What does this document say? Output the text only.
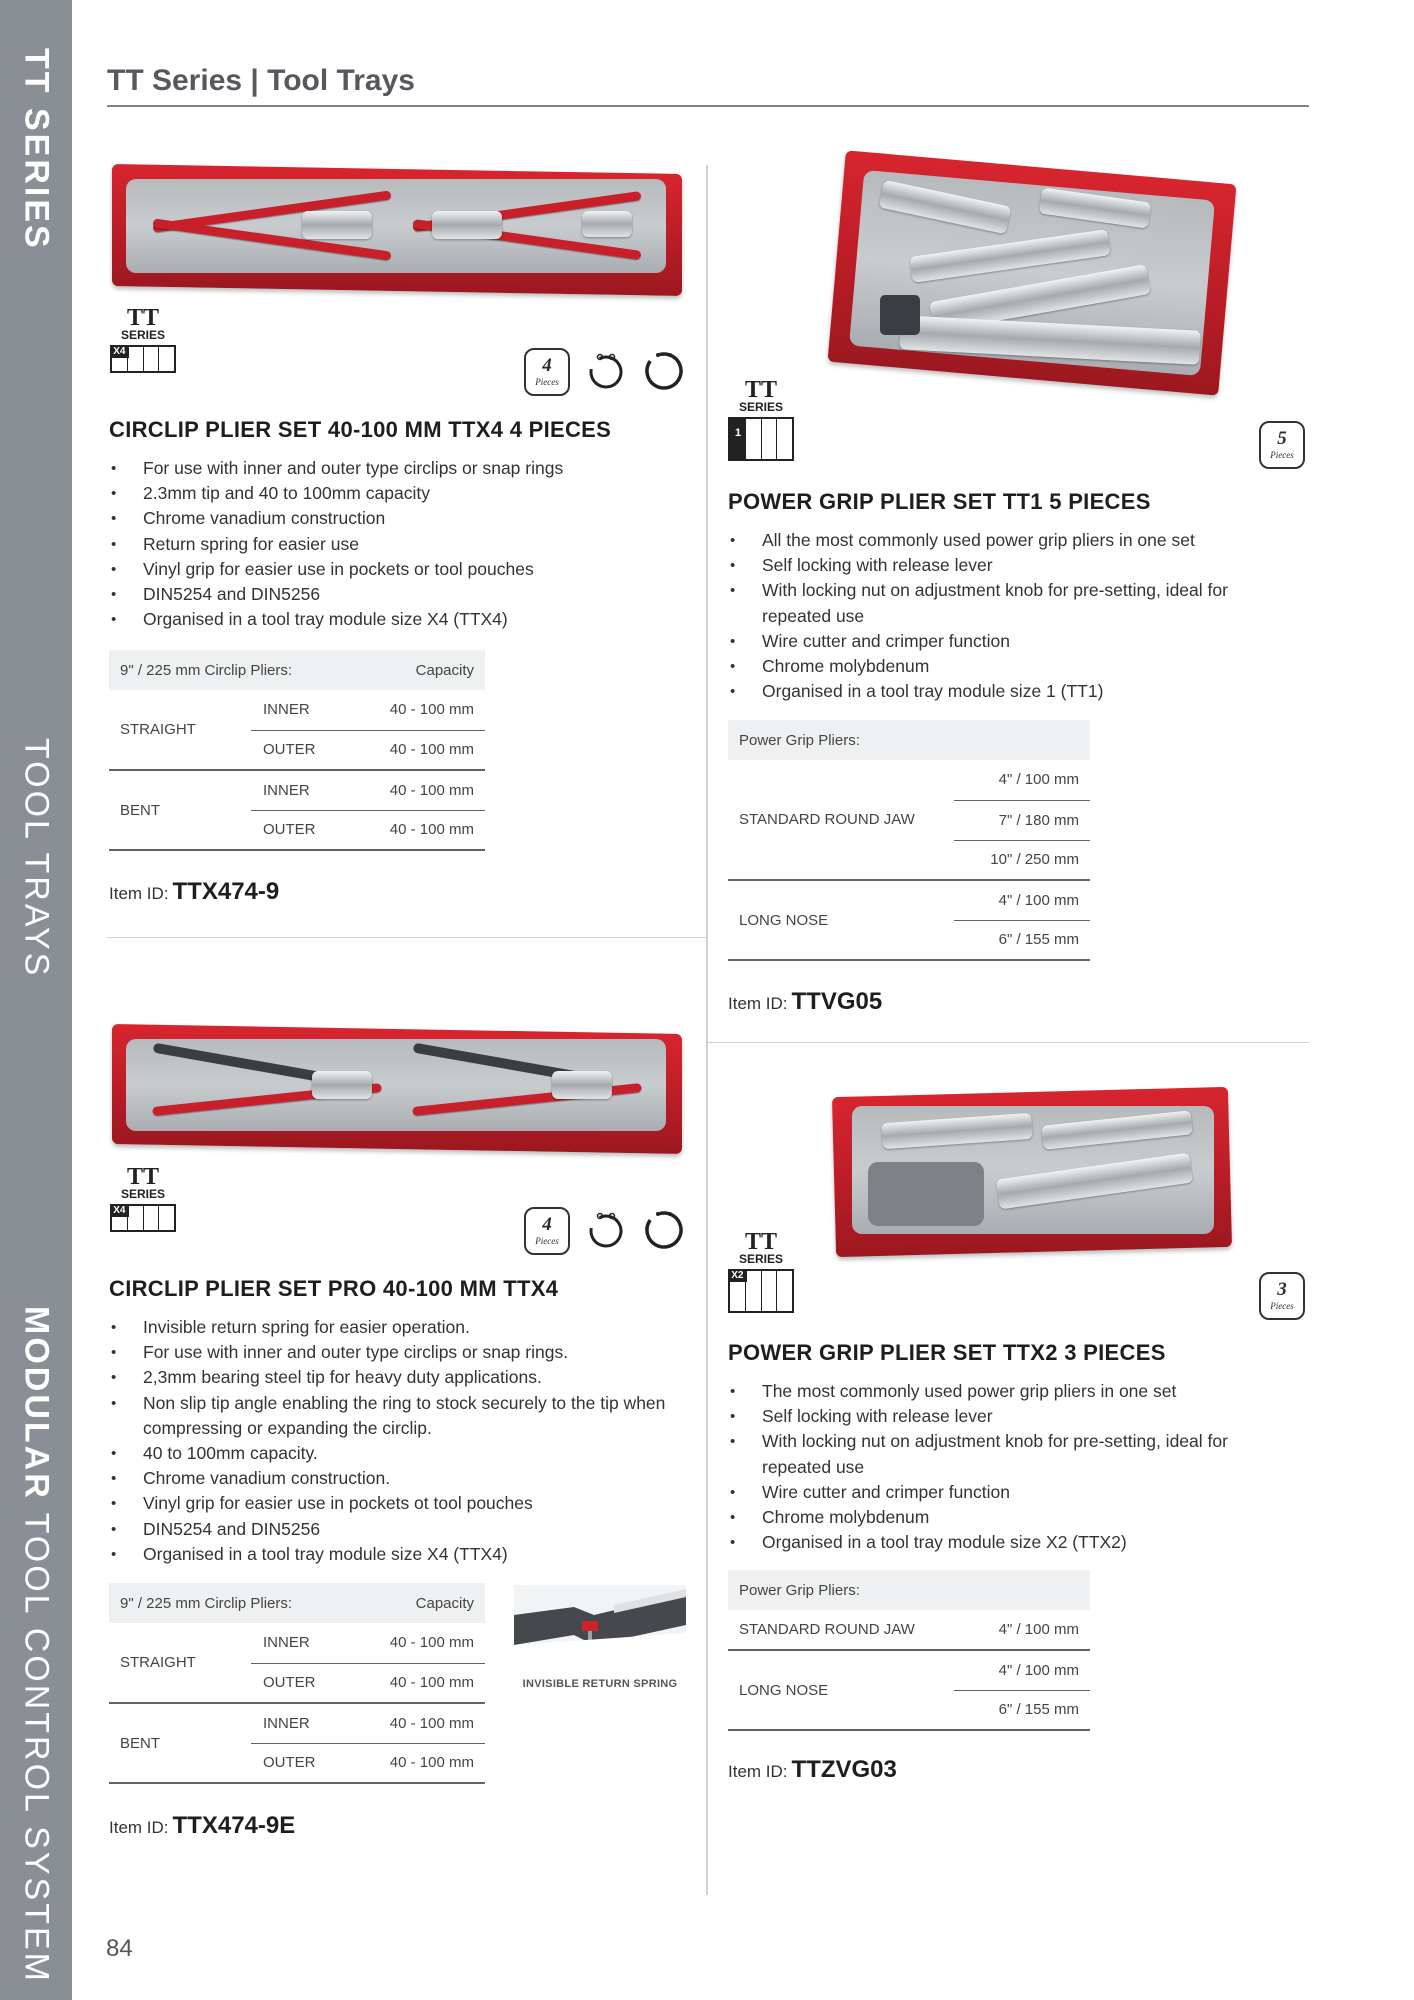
TT SERIES
TOOL TRAYS
MODULAR TOOL CONTROL SYSTEM
TT Series | Tool Trays
TT
SERIES
X4
4
Pieces
CIRCLIP PLIER SET 40-100 MM TTX4 4 PIECES
• For use with inner and outer type circlips or snap rings
• 2.3mm tip and 40 to 100mm capacity
• Chrome vanadium construction
• Return spring for easier use
• Vinyl grip for easier use in pockets or tool pouches
• DIN5254 and DIN5256
• Organised in a tool tray module size X4 (TTX4)
9" / 225 mm Circlip Pliers:		Capacity
STRAIGHT	INNER	40 - 100 mm
	OUTER	40 - 100 mm
BENT	INNER	40 - 100 mm
	OUTER	40 - 100 mm
Item ID: TTX474-9
TT
SERIES
1	5
Pieces
POWER GRIP PLIER SET TT1 5 PIECES
• All the most commonly used power grip pliers in one set
• Self locking with release lever
• With locking nut on adjustment knob for pre-setting, ideal for repeated use
• Wire cutter and crimper function
• Chrome molybdenum
• Organised in a tool tray module size 1 (TT1)
Power Grip Pliers:	
STANDARD ROUND JAW	4" / 100 mm
	7" / 180 mm
	10" / 250 mm
LONG NOSE	4" / 100 mm
	6" / 155 mm
Item ID: TTVG05
TT
SERIES
X4
4
Pieces
CIRCLIP PLIER SET PRO 40-100 MM TTX4
• Invisible return spring for easier operation.
• For use with inner and outer type circlips or snap rings.
• 2,3mm bearing steel tip for heavy duty applications.
• Non slip tip angle enabling the ring to stock securely to the tip when compressing or expanding the circlip.
• 40 to 100mm capacity.
• Chrome vanadium construction.
• Vinyl grip for easier use in pockets ot tool pouches
• DIN5254 and DIN5256
• Organised in a tool tray module size X4 (TTX4)
9" / 225 mm Circlip Pliers:		Capacity
STRAIGHT	INNER	40 - 100 mm
	OUTER	40 - 100 mm
BENT	INNER	40 - 100 mm
	OUTER	40 - 100 mm
INVISIBLE RETURN SPRING
Item ID: TTX474-9E
TT
SERIES
X2
3
Pieces
POWER GRIP PLIER SET TTX2 3 PIECES
• The most commonly used power grip pliers in one set
• Self locking with release lever
• With locking nut on adjustment knob for pre-setting, ideal for repeated use
• Wire cutter and crimper function
• Chrome molybdenum
• Organised in a tool tray module size X2 (TTX2)
Power Grip Pliers:	
STANDARD ROUND JAW	4" / 100 mm
LONG NOSE	4" / 100 mm
	6" / 155 mm
Item ID: TTZVG03
84
